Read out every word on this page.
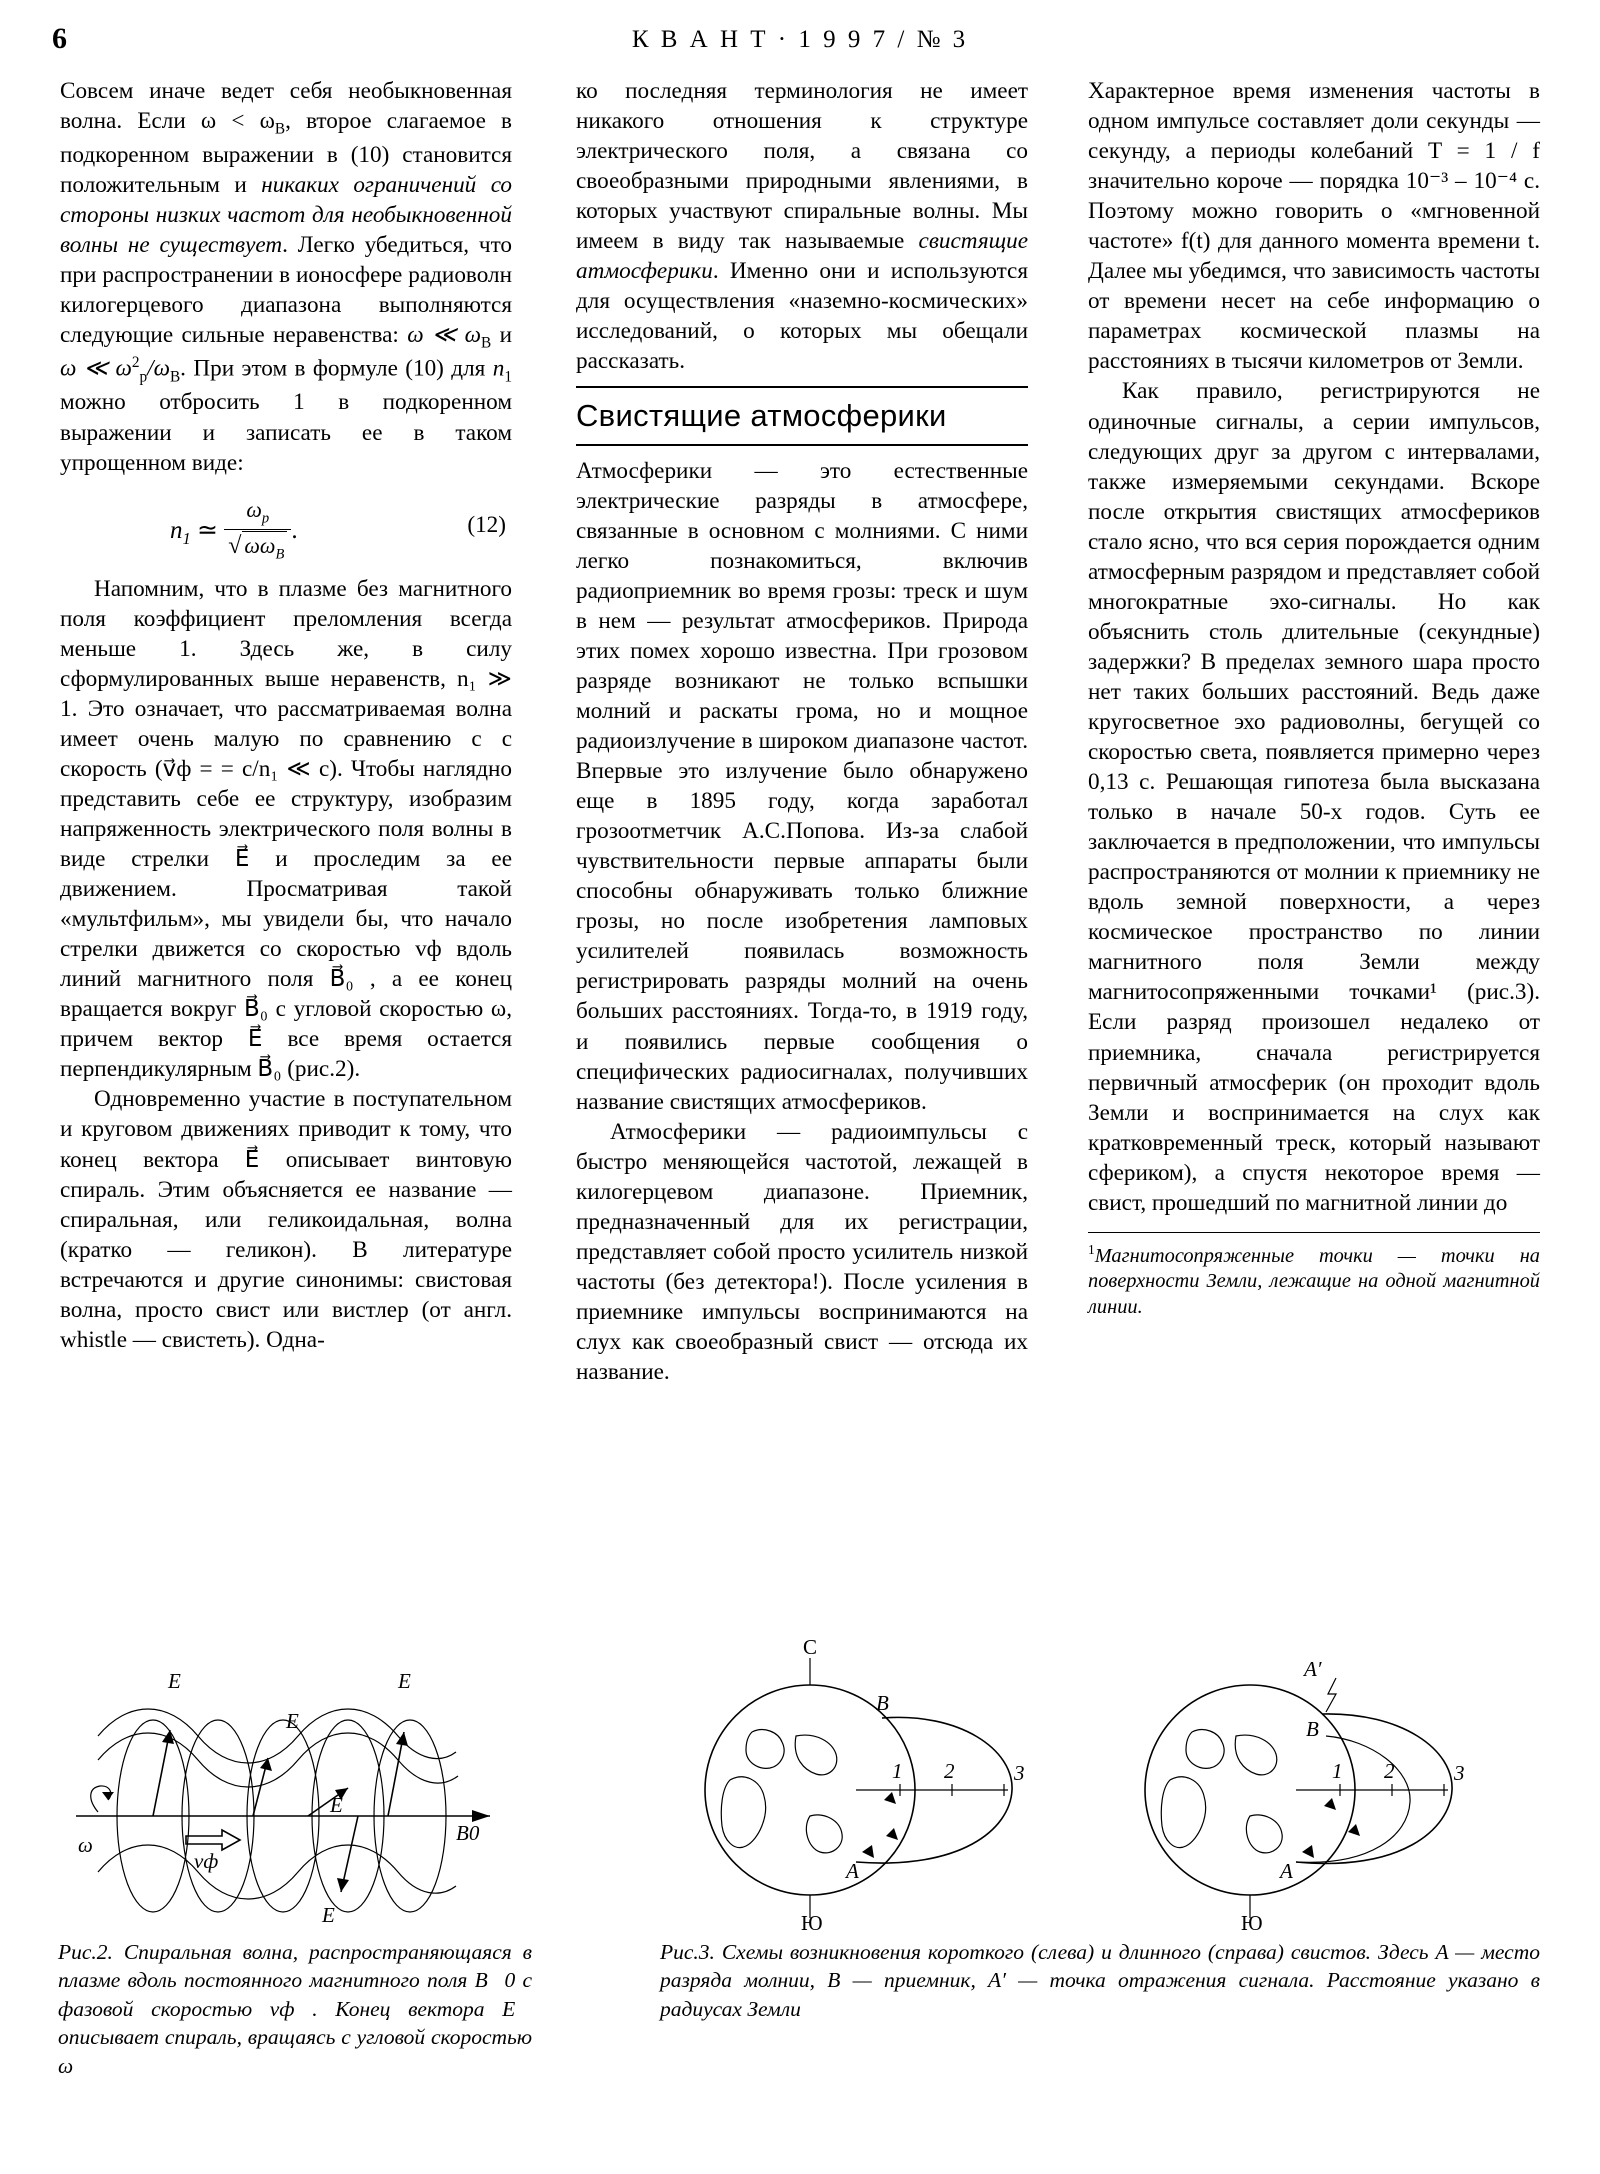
6	К В А Н Т · 1 9 9 7 / № 3

Совсем иначе ведет себя необыкновенная волна. Если $\omega < \omega_B$, второе слагаемое в подкоренном выражении в (10) становится положительным и никаких ограничений со стороны низких частот для необыкновенной волны не существует. Легко убедиться, что при распространении в ионосфере радиоволн килогерцевого диапазона выполняются следующие сильные неравенства: ω ≪ $\omega_B$ и ω ≪ $\omega^2_p/\omega_B$. При этом в формуле (10) для $n_1$ можно отбросить 1 в подкоренном выражении и записать ее в таком упрощенном виде:

$n_1$ ≃ $\frac{\omega_p}{√ \omega\omega_B}$ .	(12)

Напомним, что в плазме без магнитного поля коэффициент преломления всегда меньше 1. Здесь же, в силу сформулированных выше неравенств, n₁ ≫ 1. Это означает, что рассматриваемая волна имеет очень малую по сравнению с c скорость (v⃗ф = = c/n₁ ≪ c). Чтобы наглядно представить себе ее структуру, изобразим напряженность электрического поля волны в виде стрелки E⃗ и проследим за ее движением. Просматривая такой «мультфильм», мы увидели бы, что начало стрелки движется со скоростью vф вдоль линий магнитного поля B⃗₀ , а ее конец вращается вокруг B⃗₀ с угловой скоростью ω, причем вектор E⃗ все время остается перпендикулярным B⃗₀ (рис.2).

Одновременно участие в поступательном и круговом движениях приводит к тому, что конец вектора E⃗ описывает винтовую спираль. Этим объясняется ее название — спиральная, или геликоидальная, волна (кратко — геликон). В литературе встречаются и другие синонимы: свистовая волна, просто свист или вистлер (от англ. whistle — свистеть). Одна-

ко последняя терминология не имеет никакого отношения к структуре электрического поля, а связана со своеобразными природными явлениями, в которых участвуют спиральные волны. Мы имеем в виду так называемые свистящие атмосферики. Именно они и используются для осуществления «наземно-космических» исследований, о которых мы обещали рассказать.

Свистящие атмосферики

Атмосферики — это естественные электрические разряды в атмосфере, связанные в основном с молниями. С ними легко познакомиться, включив радиоприемник во время грозы: треск и шум в нем — результат атмосфериков. Природа этих помех хорошо известна. При грозовом разряде возникают не только вспышки молний и раскаты грома, но и мощное радиоизлучение в широком диапазоне частот. Впервые это излучение было обнаружено еще в 1895 году, когда заработал грозоотметчик А.С.Попова. Из-за слабой чувствительности первые аппараты были способны обнаруживать только ближние грозы, но после изобретения ламповых усилителей появилась возможность регистрировать разряды молний на очень больших расстояниях. Тогда-то, в 1919 году, и появились первые сообщения о специфических радиосигналах, получивших название свистящих атмосфериков.

Атмосферики — радиоимпульсы с быстро меняющейся частотой, лежащей в килогерцевом диапазоне. Приемник, предназначенный для их регистрации, представляет собой просто усилитель низкой частоты (без детектора!). После усиления в приемнике импульсы воспринимаются на слух как своеобразный свист — отсюда их название.

Характерное время изменения частоты в одном импульсе составляет доли секунды — секунду, а периоды колебаний T = 1 / f значительно короче — порядка 10⁻³ – 10⁻⁴ с. Поэтому можно говорить о «мгновенной частоте» f(t) для данного момента времени t. Далее мы убедимся, что зависимость частоты от времени несет на себе информацию о параметрах космической плазмы на расстояниях в тысячи километров от Земли.

Как правило, регистрируются не одиночные сигналы, а серии импульсов, следующих друг за другом с интервалами, также измеряемыми секундами. Вскоре после открытия свистящих атмосфериков стало ясно, что вся серия порождается одним атмосферным разрядом и представляет собой многократные эхо-сигналы. Но как объяснить столь длительные (секундные) задержки? В пределах земного шара просто нет таких больших расстояний. Ведь даже кругосветное эхо радиоволны, бегущей со скоростью света, появляется примерно через 0,13 с. Решающая гипотеза была высказана только в начале 50-х годов. Суть ее заключается в предположении, что импульсы распространяются от молнии к приемнику не вдоль земной поверхности, а через космическое пространство по линии магнитного поля Земли между магнитосопряженными точками¹ (рис.3). Если разряд произошел недалеко от приемника, сначала регистрируется первичный атмосферик (он проходит вдоль Земли и воспринимается на слух как кратковременный треск, который называют сфериком), а спустя некоторое время — свист, прошедший по магнитной линии до

$^1$Магнитосопряженные точки — точки на поверхности Земли, лежащие на одной магнитной линии.
E
E
E
E
E
ω
vф
B0
C
Ю
1 2	3
A
B
Ю
1 2	3
A′
A
B
Рис.2. Спиральная волна, распространяющаяся в плазме вдоль постоянного магнитного поля B⃗0 с фазовой скоростью vф . Конец вектора E⃗ описывает спираль, вращаясь с угловой скоростью ω
Рис.3. Схемы возникновения короткого (слева) и длинного (справа) свистов. Здесь A — место разряда молнии, B — приемник, A′ — точка отражения сигнала. Расстояние указано в радиусах Земли
